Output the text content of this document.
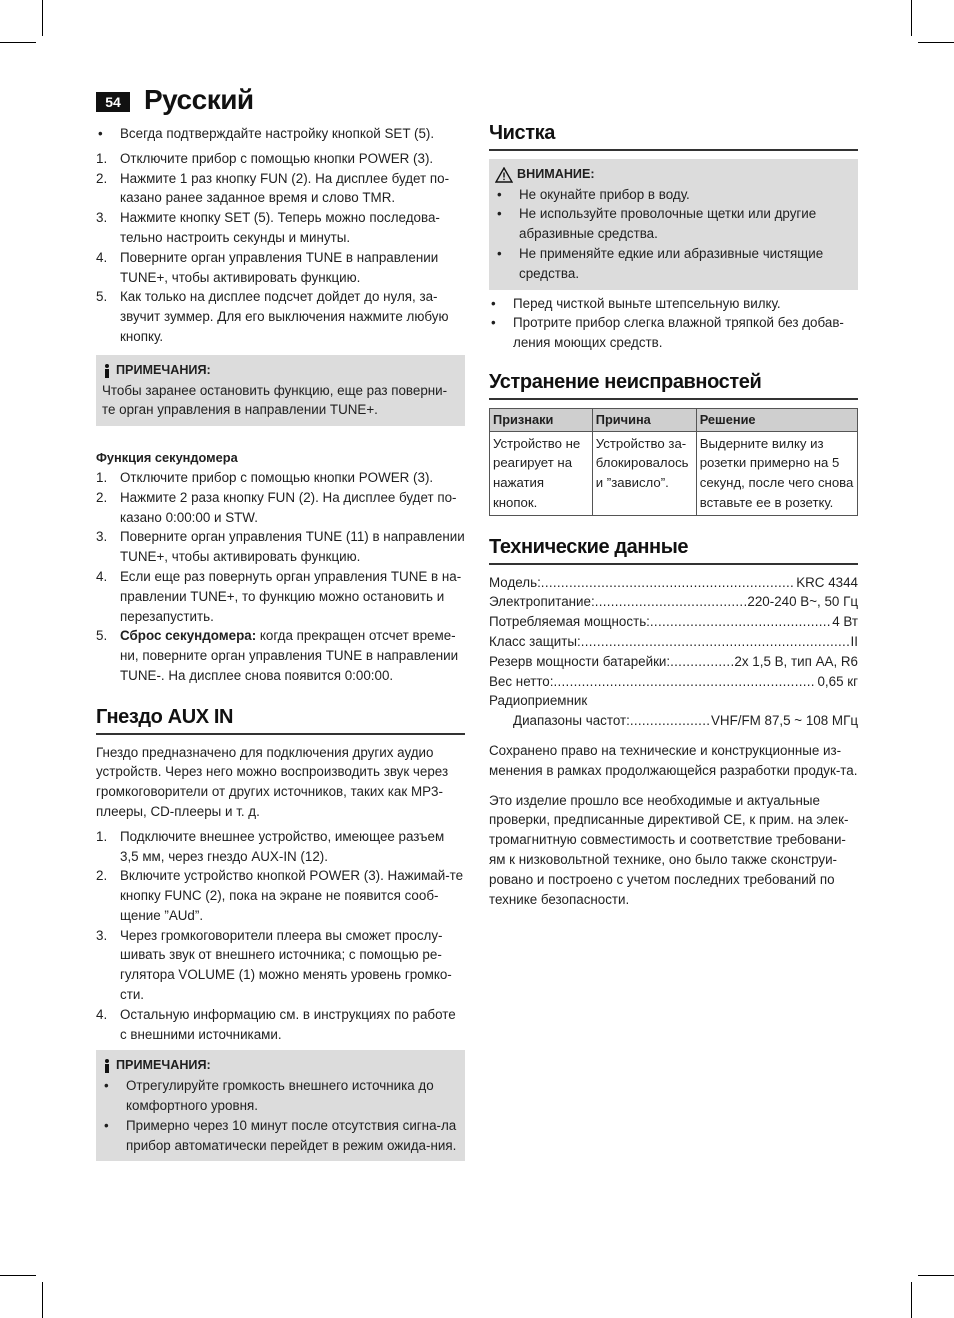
54 Русский
• Всегда подтверждайте настройку кнопкой SET (5).
1. Отключите прибор с помощью кнопки POWER (3).
2. Нажмите 1 раз кнопку FUN (2). На дисплее будет по-казано ранее заданное время и слово TMR.
3. Нажмите кнопку SET (5). Теперь можно последова-тельно настроить секунды и минуты.
4. Поверните орган управления TUNE в направлении TUNE+, чтобы активировать функцию.
5. Как только на дисплее подсчет дойдет до нуля, за-звучит зуммер. Для его выключения нажмите любую кнопку.
ПРИМЕЧАНИЯ:
Чтобы заранее остановить функцию, еще раз поверни-те орган управления в направлении TUNE+.
Функция секундомера
1. Отключите прибор с помощью кнопки POWER (3).
2. Нажмите 2 раза кнопку FUN (2). На дисплее будет по-казано 0:00:00 и STW.
3. Поверните орган управления TUNE (11) в направлении TUNE+, чтобы активировать функцию.
4. Если еще раз повернуть орган управления TUNE в на-правлении TUNE+, то функцию можно остановить и перезапустить.
5. Сброс секундомера: когда прекращен отсчет време-ни, поверните орган управления TUNE в направлении TUNE-. На дисплее снова появится 0:00:00.
Гнездо AUX IN

Гнездо предназначено для подключения других аудио устройств. Через него можно воспроизводить звук через громкоговорители от других источников, таких как MP3-плееры, CD-плееры и т. д.

1. Подключите внешнее устройство, имеющее разъем 3,5 мм, через гнездо AUX-IN (12).
2. Включите устройство кнопкой POWER (3). Нажимай-те кнопку FUNC (2), пока на экране не появится сооб-щение ”AUd”.
3. Через громкоговорители плеера вы сможет прослу-шивать звук от внешнего источника; с помощью ре-гулятора VOLUME (1) можно менять уровень громко-сти.
4. Остальную информацию см. в инструкциях по работе с внешними источниками.
ПРИМЕЧАНИЯ:
• Отрегулируйте громкость внешнего источника до комфортного уровня.
• Примерно через 10 минут после отсутствия сигна-ла прибор автоматически перейдет в режим ожида-ния.
Чистка
ВНИМАНИЕ:
• Не окунайте прибор в воду.
• Не используйте проволочные щетки или другие абразивные средства.
• Не применяйте едкие или абразивные чистящие средства.
• Перед чисткой выньте штепсельную вилку.
• Протрите прибор слегка влажной тряпкой без добав-ления моющих средств.
Устранение неисправностей
Признаки	Причина	Решение
Устройство не реагирует на нажатия кнопок.	Устройство за-блокировалось и ”зависло”.	Выдерните вилку из розетки примерно на 5 секунд, после чего снова вставьте ее в розетку.
Технические данные
Модель: .....	KRC 4344
Электропитание: .....	220-240 В~, 50 Гц
Потребляемая мощность: .....	4 Вт
Класс защиты: .....	II
Резерв мощности батарейки: .....	2x 1,5 В, тип AA, R6
Вес нетто: .....	0,65 кг
Радиоприемник
Диапазоны частот: .....	VHF/FM 87,5 ~ 108 МГц

Сохранено право на технические и конструкционные из-менения в рамках продолжающейся разработки продук-та.

Это изделие прошло все необходимые и актуальные проверки, предписанные директивой CE, к прим. на элек-тромагнитную совместимость и соответствие требовани-ям к низковольтной технике, оно было также сконструи-ровано и построено с учетом последних требований по технике безопасности.
